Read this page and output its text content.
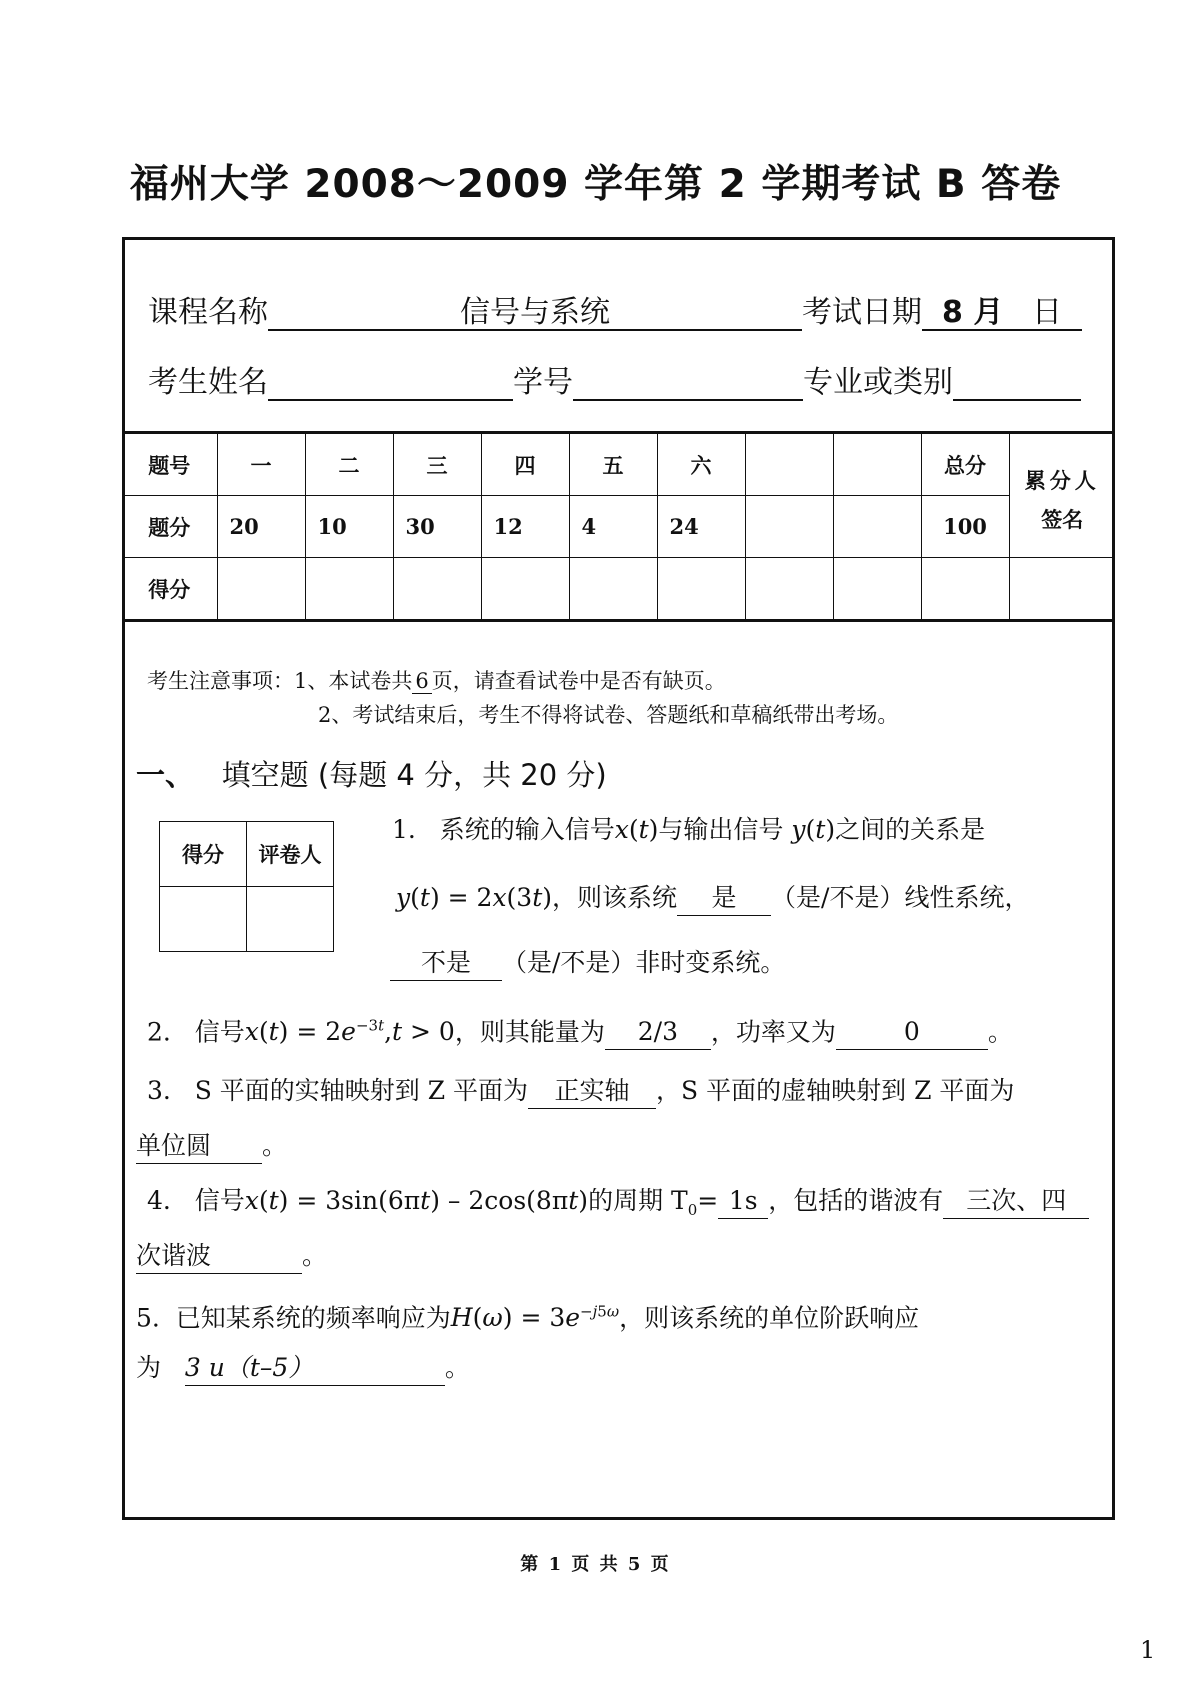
福州大学 2008～2009 学年第 2 学期考试 B 答卷
课程名称	信号与系统	考试日期 8 月 日
考生姓名	学号	专业或类别
题号	一	二	三	四	五	六			总分	累分人
签名

题分	20	10	30	12	4	24			100	
得分										
考生注意事项：1、本试卷共 6 页，请查看试卷中是否有缺页。
2、考试结束后，考生不得将试卷、答题纸和草稿纸带出考场。
一、 填空题 (每题 4 分，共 20 分)
得分	评卷人

1. 系统的输入信号x(t)与输出信号 y(t)之间的关系是
y(t) = 2x(3t)，则该系统 是 （是/不是）线性系统，
不是 （是/不是）非时变系统。
2. 信号$x(t) = 2e^{-3t},t > 0$，则其能量为 2/3 ，功率又为	0	。
3. S 平面的实轴映射到 Z 平面为 正实轴 ，S 平面的虚轴映射到 Z 平面为
单位圆 。
4. 信号x(t) = 3sin(6πt) – 2cos(8πt)的周期 $T_0= 1s$ ，包括的谐波有 三次、四
次谐波	。
5. 已知某系统的频率响应为$H(\omega) = 3e^{-j5\omega}$，则该系统的单位阶跃响应
为 3 u（t–5）	。
第 1 页 共 5 页
1
